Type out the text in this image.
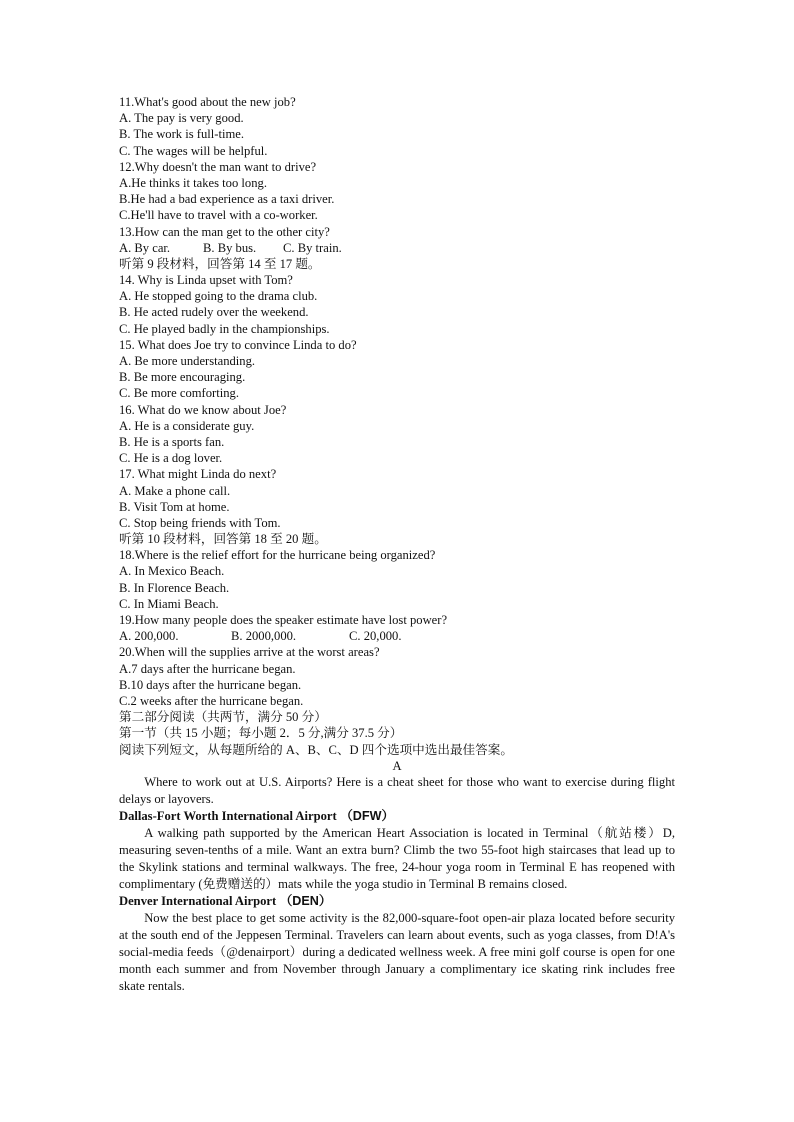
11.What's good about the new job?
A. The pay is very good.
B. The work is full-time.
C. The wages will be helpful.
12.Why doesn't the man want to drive?
A.He thinks it takes too long.
B.He had a bad experience as a taxi driver.
C.He'll have to travel with a co-worker.
13.How can the man get to the other city?
A. By car.	B. By bus. C. By train.
听第 9 段材料，回答第 14 至 17 题。
14. Why is Linda upset with Tom?
A. He stopped going to the drama club.
B. He acted rudely over the weekend.
C. He played badly in the championships.
15. What does Joe try to convince Linda to do?
A. Be more understanding.
B. Be more encouraging.
C. Be more comforting.
16. What do we know about Joe?
A. He is a considerate guy.
B. He is a sports fan.
C. He is a dog lover.
17. What might Linda do next?
A. Make a phone call.
B. Visit Tom at home.
C. Stop being friends with Tom.
听第 10 段材料，回答第 18 至 20 题。
18.Where is the relief effort for the hurricane being organized?
A. In Mexico Beach.
B. In Florence Beach.
C. In Miami Beach.
19.How many people does the speaker estimate have lost power?
A. 200,000.	B. 2000,000.	C. 20,000.
20.When will the supplies arrive at the worst areas?
A.7 days after the hurricane began.
B.10 days after the hurricane began.
C.2 weeks after the hurricane began.
第二部分阅读（共两节，满分 50 分）
第一节（共 15 小题；每小题 2．5 分,满分 37.5 分）
阅读下列短文，从每题所给的 A、B、C、D 四个选项中选出最佳答案。
A

Where to work out at U.S. Airports? Here is a cheat sheet for those who want to exercise during flight delays or layovers.

Dallas-Fort Worth International Airport （DFW）

A walking path supported by the American Heart Association is located in Terminal（航站楼）D, measuring seven-tenths of a mile. Want an extra burn? Climb the two 55-foot high staircases that lead up to the Skylink stations and terminal walkways. The free, 24-hour yoga room in Terminal E has reopened with complimentary (免费赠送的）mats while the yoga studio in Terminal B remains closed.

Denver International Airport （DEN）

Now the best place to get some activity is the 82,000-square-foot open-air plaza located before security at the south end of the Jeppesen Terminal. Travelers can learn about events, such as yoga classes, from D!A's social-media feeds（@denairport）during a dedicated wellness week. A free mini golf course is open for one month each summer and from November through January a complimentary ice skating rink includes free skate rentals.
